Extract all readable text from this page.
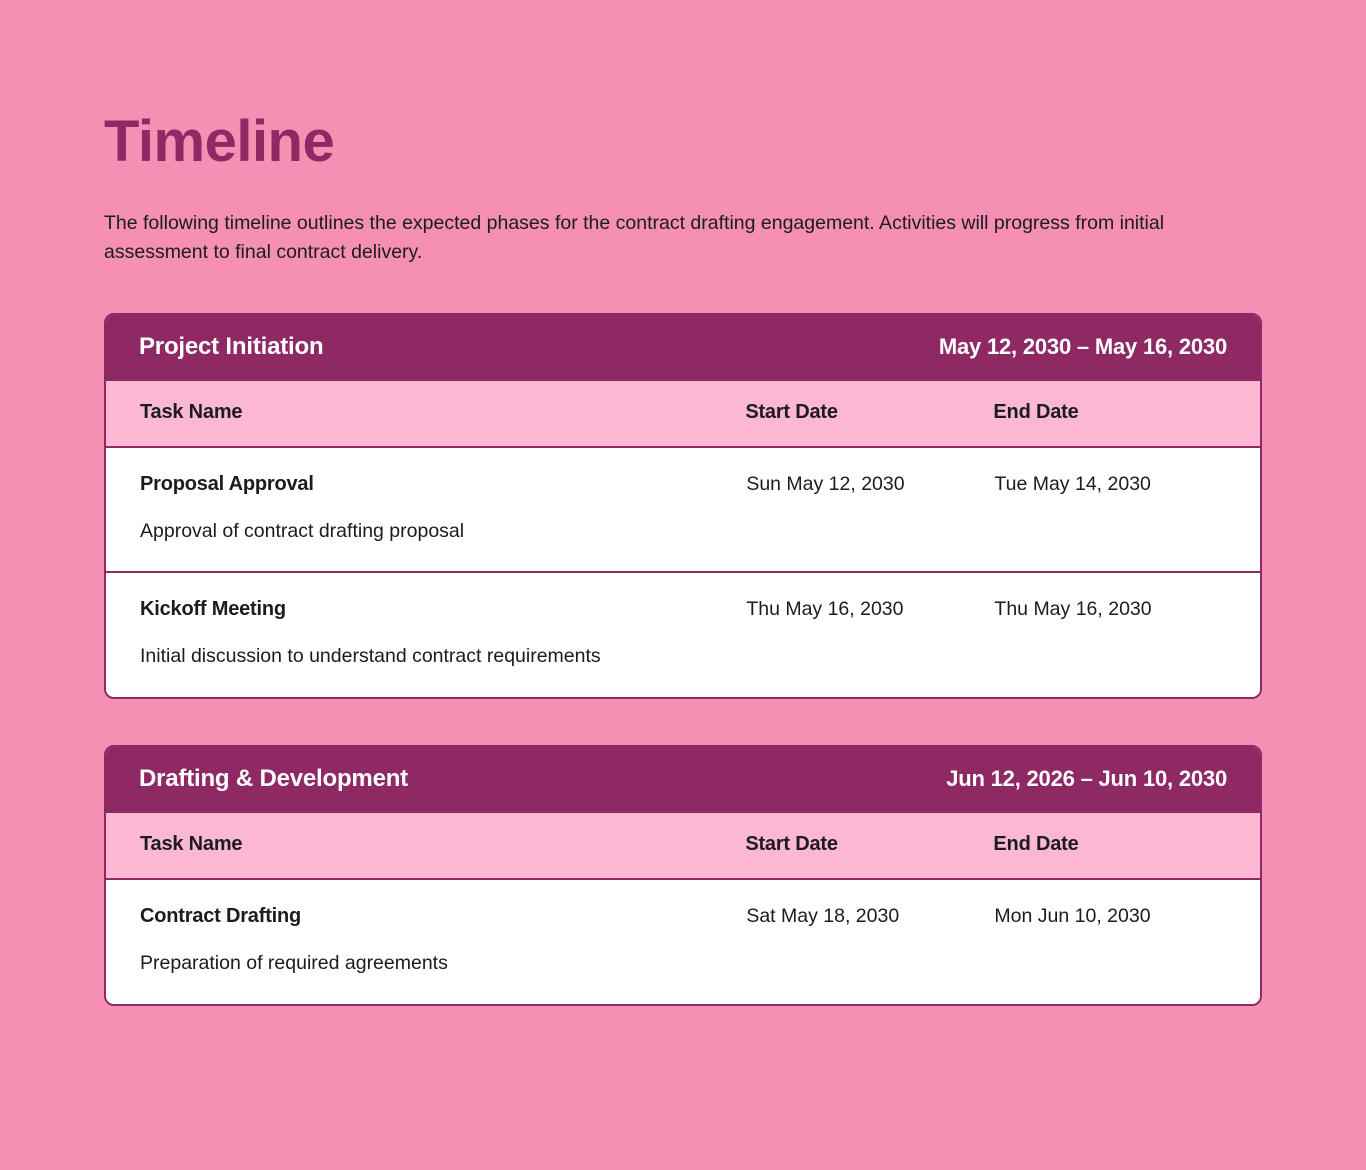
Timeline

The following timeline outlines the expected phases for the contract drafting engagement. Activities will progress from initial assessment to final contract delivery.

Project Initiation	May 12, 2030 – May 16, 2030
Task Name	Start Date	End Date

Proposal Approval
Approval of contract drafting proposal	Sun May 12, 2030	Tue May 14, 2030

Kickoff Meeting
Initial discussion to understand contract requirements	Thu May 16, 2030	Thu May 16, 2030
Drafting & Development	Jun 12, 2026 – Jun 10, 2030
Task Name	Start Date	End Date

Contract Drafting
Preparation of required agreements	Sat May 18, 2030	Mon Jun 10, 2030
